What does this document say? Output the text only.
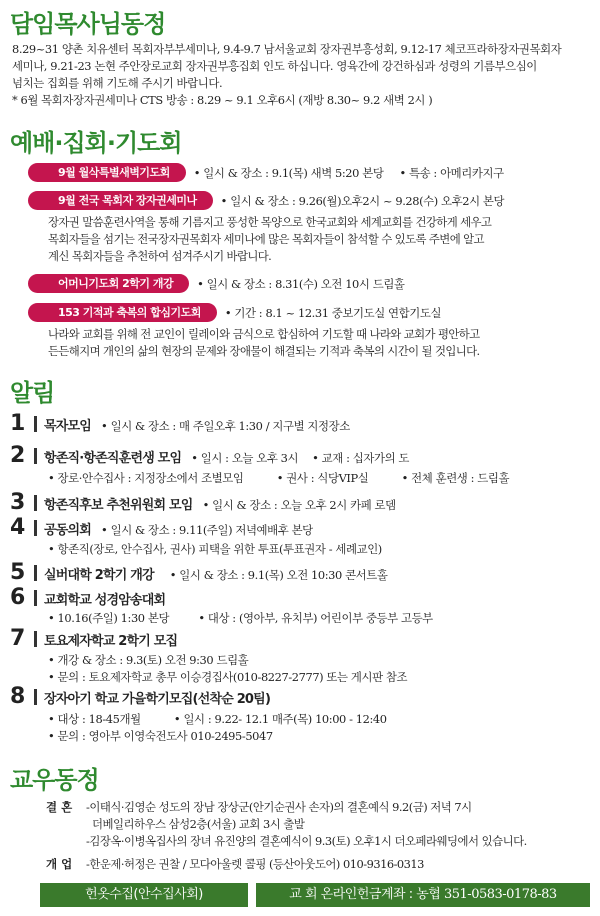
담임목사님동정
8.29~31 양촌 치유센터 목회자부부세미나, 9.4-9.7 남서울교회 장자권부흥성회, 9.12-17 체코프라하장자권목회자
세미나, 9.21-23 논현 주안장로교회 장자권부흥집회 인도 하십니다. 영육간에 강건하심과 성령의 기름부으심이
넘치는 집회를 위해 기도해 주시기 바랍니다.
* 6월 목회자장자권세미나 CTS 방송 : 8.29 ~ 9.1 오후6시 (재방 8.30~ 9.2 새벽 2시 )
예배·집회·기도회
9월 월삭특별새벽기도회	• 일시 & 장소 : 9.1(목) 새벽 5:20 본당 • 특송 : 아메리카지구
9월 전국 목회자 장자권세미나	• 일시 & 장소 : 9.26(월)오후2시 ~ 9.28(수) 오후2시 본당
장자권 말씀훈련사역을 통해 기름지고 풍성한 목양으로 한국교회와 세계교회를 건강하게 세우고
목회자들을 섬기는 전국장자권목회자 세미나에 많은 목회자들이 참석할 수 있도록 주변에 알고
계신 목회자들을 추천하여 섬겨주시기 바랍니다.
어머니기도회 2학기 개강	• 일시 & 장소 : 8.31(수) 오전 10시 드림홀
153 기적과 축복의 합심기도회	• 기간 : 8.1 ~ 12.31 중보기도실 연합기도실
나라와 교회를 위해 전 교인이 릴레이와 금식으로 합심하여 기도할 때 나라와 교회가 평안하고
든든해지며 개인의 삶의 현장의 문제와 장애물이 해결되는 기적과 축복의 시간이 될 것입니다.
알림
1 목자모임 • 일시 & 장소 : 매 주일오후 1:30 / 지구별 지정장소
2 항존직·항존직훈련생 모임 • 일시 : 오늘 오후 3시 • 교재 : 십자가의 도
• 장로·안수집사 : 지정장소에서 조별모임	• 권사 : 식당VIP실	• 전체 훈련생 : 드림홀
3 항존직후보 추천위원회 모임 • 일시 & 장소 : 오늘 오후 2시 카페 로뎀
4 공동의회 • 일시 & 장소 : 9.11(주일) 저녁예배후 본당
• 항존직(장로, 안수집사, 권사) 피택을 위한 투표(투표권자 - 세례교인)
5 실버대학 2학기 개강 • 일시 & 장소 : 9.1(목) 오전 10:30 콘서트홀
6 교회학교 성경암송대회
• 10.16(주일) 1:30 본당	• 대상 : (영아부, 유치부) 어린이부 중등부 고등부
7 토요제자학교 2학기 모집
• 개강 & 장소 : 9.3(토) 오전 9:30 드림홀
• 문의 : 토요제자학교 총무 이승경집사(010-8227-2777) 또는 게시판 참조
8 장자아기 학교 가을학기모집(선착순 20팀)
• 대상 : 18-45개월	• 일시 : 9.22- 12.1 매주(목) 10:00 - 12:40
• 문의 : 영아부 이영숙전도사 010-2495-5047
교우동정
결 혼 -이태식·김영순 성도의 장남 장상군(안기순권사 손자)의 결혼예식 9.2(금) 저녁 7시
더베일리하우스 삼성2층(서울) 교회 3시 출발
-김장옥·이병옥집사의 장녀 유진양의 결혼예식이 9.3(토) 오후1시 더오페라웨딩에서 있습니다.
개 업 -한운제·허정은 권찰 / 모다아울렛 콜핑 (등산아웃도어) 010-9316-0313
헌옷수집(안수집사회)	교 회 온라인헌금계좌 : 농협 351-0583-0178-83
